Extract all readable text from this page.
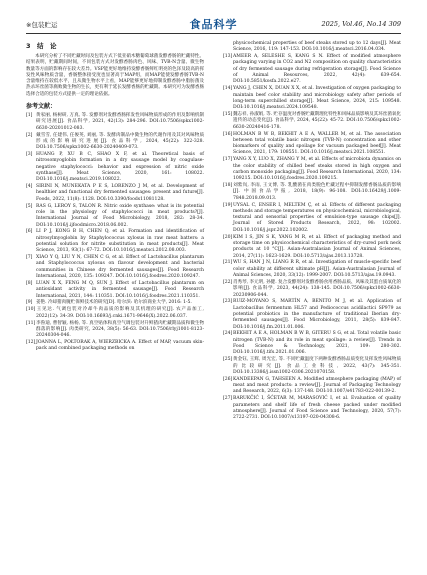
※包装贮运	食品科学	2025, Vol.46, No.14 309
3　结　论

本研究分析了不同贮藏时间及包装方式下低亚硝木糖葡萄球菌发酵香肠的贮藏特性。结果表明，贮藏期间时间，不同包装方式对发酵香肠肉色、风味、TVB-N含量、微生物数量等方面的影响存在较大差异。VSP能更好地维持发酵香肠鲜红明亮的色泽及较高的挥发性风味物质含量，香肠整体接受度也显著高于MAP组，而MAP能使发酵香肠TVB-N含量维持在较低水平，且从微生物水平上看，MAP能够更好地抑制发酵香肠中脂肪菌及热杀环丝菌等腐败微生物的生长，更有利于延长发酵香肠的贮藏期。本研究可为发酵香肠选择合适的包装方式提供一定的理论依据。

参考文献：
[1] 黄家丽, 杨树研, 万真, 等. 发酵剂对发酵香肠挥发性风味物质形成的作用及影响机制研究进展[J]. 食品科学, 2021, 42(13): 284-296. DOI:10.7506/spkx1002-6630-20201012-083.
[2] 戴雪雪, 任建伟, 任俊英, 刘丽, 等. 发酵肉制品中微生物的代谢作用及其对风味物质形成的影响研究进展[J]. 食品科学, 2024, 45(22): 322-328. DOI:10.7506/spkx1002-6630-20240409-073.
[3] HUANG P, XU B C, SHAO X F, et al. Theoretical basis of nitrosomyoglobin formation in a dry sausage model by coagulase-negative staphylococci: behavior and expression of nitric oxide synthase[J]. Meat Science, 2020, 161: 108022. DOI:10.1016/j.meatsci.2019.108022.
[4] SIRINI N, MUNEKATA P E S, LORENZO J M, et al. Development of healthier and functional dry fermented sausages: present and future[J]. Foods, 2022, 11(8): 1128. DOI:10.3390/foods11081128.
[5] RAS G, LEROY S, TALON R. Nitric oxide synthase: what is its potential role in the physiology of staphylococci in meat products?[J]. International Journal of Food Microbiology, 2018, 282: 28-34. DOI:10.1016/j.ijfoodmicro.2018.06.002.
[6] LI P J, KONG B H, CHEN Q, et al. Formation and identification of nitrosylmyoglobin by Staphylococcus xylosus in raw meat batters: a potential solution for nitrite substitution in meat products[J]. Meat Science, 2013, 93(1): 67-72. DOI:10.1016/j.meatsci.2012.08.003.
[7] XIAO Y Q, LIU Y N, CHEN C G, et al. Effect of Lactobacillus plantarum and Staphylococcus xylosus on flavour development and bacterial communities in Chinese dry fermented sausages[J]. Food Research International, 2020, 135: 109247. DOI:10.1016/j.foodres.2020.109247.
[8] LUAN X X, FENG M Q, SUN J. Effect of Lactobacillus plantarum on antioxidant activity in fermented sausage[J]. Food Research International, 2021, 144: 110351. DOI:10.1016/j.foodres.2021.110351.
[9] 姜艳. 冷却猪肉腌贮保鲜技术的研究[D]. 哈尔滨: 哈尔滨商业大学, 2016: 1-5.
[10]王见达. 气调包装对冷却牛肉品质的影响及其机理的研究[J]. 农产品加工, 2022(12): 34-39. DOI:10.16693/j.cnki.1671-9646(X).2022.06.037.
[11]李鲁迪, 曹智颖, 杨杨, 等. 真空贴体和真空气调包装对升鲜猪肉贮藏期品质和微生物群落的影响[J]. 肉类研究, 2024, 38(5): 56-63. DOI:10.7506/rlyj1001-8123-20240304-046.
[12]JOANNA L, POŁTORAK A, WIERZBICKA A. Effect of MAP, vacuum skin-pack and combined packaging methods on
physicochemical properties of beef steaks stored up to 12 days[J]. Meat Science, 2016, 119: 147-153. DOI:10.1016/j.meatsci.2016.04.034.
[13]AMEER A, SELESHE S, KANG S N. Effect of modified atmosphere packaging varying in CO2 and N2 composition on quality characteristics of dry fermented sausage during refrigeration storage[J]. Food Science of Animal Resources, 2022, 42(4): 639-654. DOI:10.5851/kosfa.2022.e27.
[14]YANG J, CHEN X, DUAN X X, et al. Investigation of oxygen packaging to maintain beef color stability and microbiology safety after periods of long-term superchilled storage[J]. Meat Science, 2024, 215: 109548. DOI:10.1016/j.meatsci.2024.109548.
[15]魏志祥, 孙淑娟, 等. 贮存温度对香肠贮藏期理化特性和风味品质影响及其环丝菌氧化遗传的动态变化[J]. 食品科学, 2024, 45(22): 45-72. DOI:10.7506/spkx1002-6630-20240416-178.
[16]HOLMAN B W B, BEKHIT A E A, WALLER M, et al. The association between total volatile basic nitrogen (TVB-N) concentration and other biomarkers of quality and spoilage for vacuum packaged beef[J]. Meat Science, 2021, 179: 108551. DOI:10.1016/j.meatsci.2021.108551.
[17]YANG X Y, LUO X, ZHANG Y M, et al. Effects of microbiota dynamics on the color stability of chilled beef steaks stored in high oxygen and carbon monoxide packaging[J]. Food Research International, 2020, 134: 109215. DOI:10.1016/j.foodres.2020.109215.
[18]刘紫岚, 李雨, 王文博, 等. 乳酸菌在肉类脱色贮藏过程中抑制发酵香肠品质的影响[J]. 中国食品学报, 2018, 18(9): 96-108. DOI:10.16429/j.1009-7848.2018.09.013.
[19]UYSAL C, ENSER I, MELTEM Ç, et al. Effects of different packaging methods and storage temperatures on physicochemical, microbiological, textural and sensorial properties of emulsion-type sausage chips[J]. Journal of Stored Products Research, 2022, 98: 102002. DOI:10.1016/j.jspr.2022.102002.
[20]KIM I S, JIN S K, YANG M R, et al. Effect of packaging method and storage time on physicochemical characteristics of dry-cured pork neck products at 10 °C[J]. Asian-Australasian Journal of Animal Sciences, 2014, 27(11): 1623-1629. DOI:10.5713/ajas.2013.13728.
[21]WU S, HAN J N, LIANG R R, et al. Investigation of muscle-specific beef color stability at different ultimate pH[J]. Asian-Australasian Journal of Animal Sciences, 2020, 33(12): 1999-2007. DOI:10.5713/ajas.19.0943.
[22]肖秀琴, 李元明, 孙健. 复合发酵剂对发酵香肠食用香肠品质、风味及其蛋白质氧化的影响[J]. 食品科学, 2023, 44(24): 138-145. DOI:10.7506/spkx1002-6630-20230906-044.
[23]RUIZ-MOYANO S, MARTÍN A, BENITO M J, et al. Application of Lactobacillus fermentum HL57 and Pediococcus acidilactici SP979 as potential probiotics in the manufacture of traditional Iberian dry-fermented sausages[J]. Food Microbiology, 2011, 28(5): 839-847. DOI:10.1016/j.fm.2011.01.006.
[24]BEKHIT A E A, HOLMAN B W B, GITERU S G, et al. Total volatile basic nitrogen (TVB-N) and its role in meat spoilage: a review[J]. Trends in Food Science & Technology, 2021, 109: 280-302. DOI:10.1016/j.tifs.2021.01.006.
[25]黄金钰, 王辉, 周光宏, 等. 不同贮藏温度下两种发酵香肠品质变化及挥发性风味物质的比较研究[J]. 食品工业科技, 2022, 43(7): 345-351. DOI:10.13386/j.issn1002-0306.2021070158.
[26]KANDEEPAN G, TAHSEEN A. Modified atmosphere packaging (MAP) of meat and meat products: a review[J]. Journal of Packaging Technology and Research, 2022, 6(3): 137-148. DOI:10.1007/s41783-022-00139-2.
[27]BARUKČIĆ I, ŠĆETAR M, MARASOVIĆ I, et al. Evaluation of quality parameters and shelf life of fresh cheese packed under modified atmosphere[J]. Journal of Food Science and Technology, 2020, 57(7): 2722-2731. DOI:10.1007/s13197-020-04308-6.
